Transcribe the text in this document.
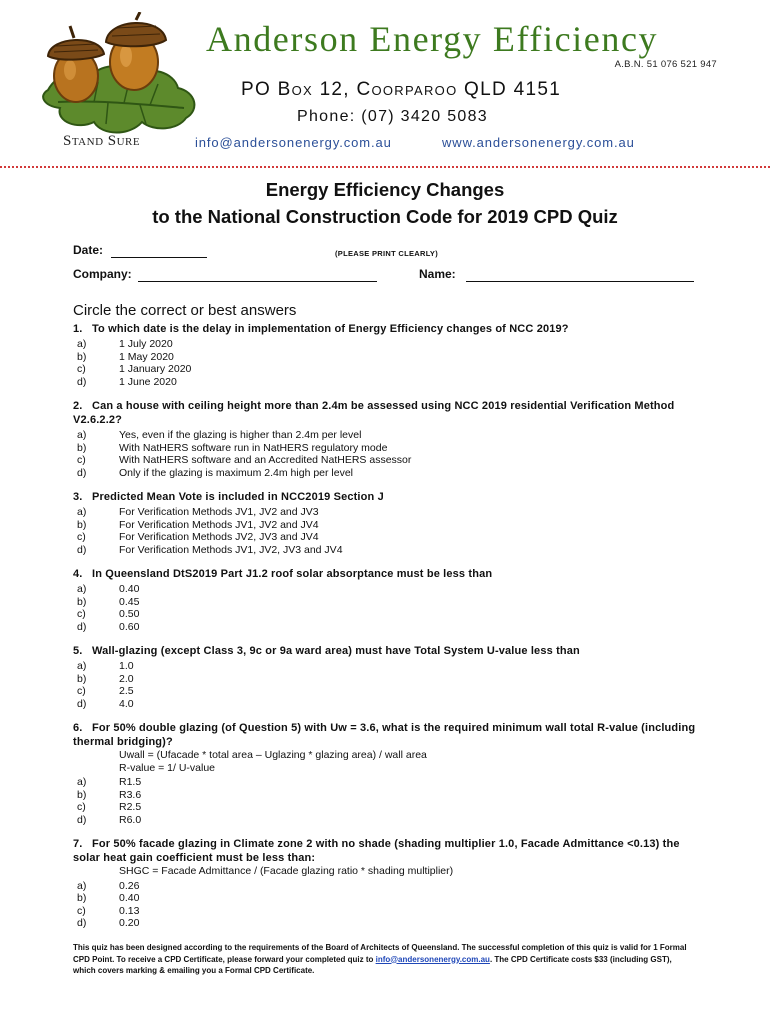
Stand Sure
Anderson Energy Efficiency
A.B.N. 51 076 521 947
PO Box 12, Coorparoo QLD 4151
Phone: (07) 3420 5083
info@andersonenergy.com.au	www.andersonenergy.com.au
Energy Efficiency Changes
to the National Construction Code for 2019 CPD Quiz
Date:	(PLEASE PRINT CLEARLY)
Company:	Name:
Circle the correct or best answers

1. To which date is the delay in implementation of Energy Efficiency changes of NCC 2019?

a)	1 July 2020
b)	1 May 2020
c)	1 January 2020
d)	1 June 2020

2. Can a house with ceiling height more than 2.4m be assessed using NCC 2019 residential Verification Method V2.6.2.2?

a)	Yes, even if the glazing is higher than 2.4m per level
b)	With NatHERS software run in NatHERS regulatory mode
c)	With NatHERS software and an Accredited NatHERS assessor
d)	Only if the glazing is maximum 2.4m high per level

3. Predicted Mean Vote is included in NCC2019 Section J

a)	For Verification Methods JV1, JV2 and JV3
b)	For Verification Methods JV1, JV2 and JV4
c)	For Verification Methods JV2, JV3 and JV4
d)	For Verification Methods JV1, JV2, JV3 and JV4

4. In Queensland DtS2019 Part J1.2 roof solar absorptance must be less than

a)	0.40
b)	0.45
c)	0.50
d)	0.60

5. Wall-glazing (except Class 3, 9c or 9a ward area) must have Total System U-value less than

a)	1.0
b)	2.0
c)	2.5
d)	4.0

6. For 50% double glazing (of Question 5) with Uw = 3.6, what is the required minimum wall total R-value (including thermal bridging)?

Uwall = (Ufacade * total area – Uglazing * glazing area) / wall area
R-value = 1/ U-value
a)	R1.5
b)	R3.6
c)	R2.5
d)	R6.0

7. For 50% facade glazing in Climate zone 2 with no shade (shading multiplier 1.0, Facade Admittance <0.13) the solar heat gain coefficient must be less than:

SHGC = Facade Admittance / (Facade glazing ratio * shading multiplier)
a)	0.26
b)	0.40
c)	0.13
d)	0.20
This quiz has been designed according to the requirements of the Board of Architects of Queensland. The successful completion of this quiz is valid for 1 Formal CPD Point. To receive a CPD Certificate, please forward your completed quiz to info@andersonenergy.com.au. The CPD Certificate costs $33 (including GST), which covers marking & emailing you a Formal CPD Certificate.
